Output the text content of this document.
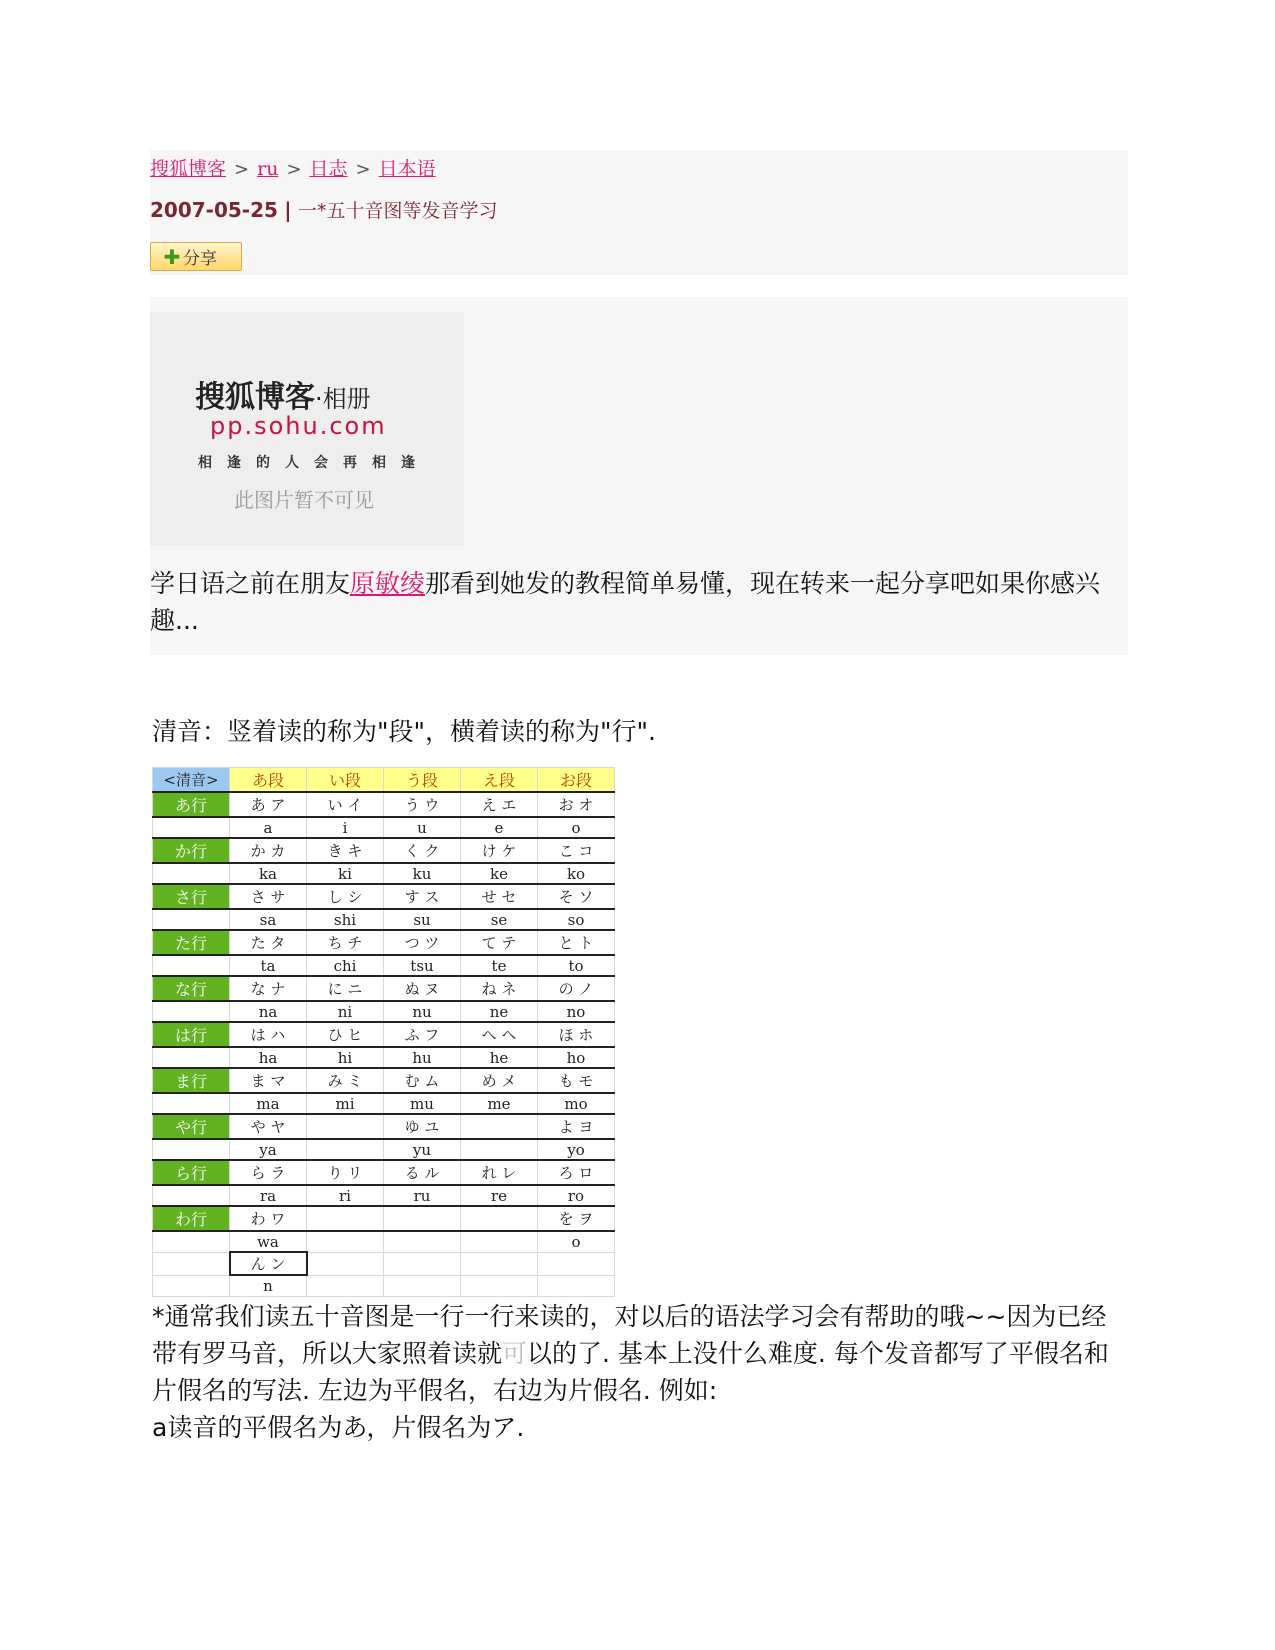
搜狐博客 > ru > 日志 > 日本语
2007-05-25 | 一*五十音图等发音学习
✚ 分享
搜狐博客·相册
pp.sohu.com
相逢的人会再相逢
此图片暂不可见
学日语之前在朋友原敏绫那看到她发的教程简单易懂，现在转来一起分享吧如果你感兴趣...
清音：竖着读的称为"段"，横着读的称为"行".
<清音>	あ段	い段	う段	え段	お段
あ行	あ ア	い イ	う ウ	え エ	お オ
	a	i	u	e	o
か行	か カ	き キ	く ク	け ケ	こ コ
	ka	ki	ku	ke	ko
さ行	さ サ	し シ	す ス	せ セ	そ ソ
	sa	shi	su	se	so
た行	た タ	ち チ	つ ツ	て テ	と ト
	ta	chi	tsu	te	to
な行	な ナ	に ニ	ぬ ヌ	ね ネ	の ノ
	na	ni	nu	ne	no
は行	は ハ	ひ ヒ	ふ フ	へ ヘ	ほ ホ
	ha	hi	hu	he	ho
ま行	ま マ	み ミ	む ム	め メ	も モ
	ma	mi	mu	me	mo
や行	や ヤ		ゆ ユ		よ ヨ
	ya		yu		yo
ら行	ら ラ	り リ	る ル	れ レ	ろ ロ
	ra	ri	ru	re	ro
わ行	わ ワ				を ヲ
	wa				o
	ん ン				
	n				
*通常我们读五十音图是一行一行来读的，对以后的语法学习会有帮助的哦~~因为已经带有罗马音，所以大家照着读就可以的了. 基本上没什么难度. 每个发音都写了平假名和片假名的写法. 左边为平假名，右边为片假名. 例如:
a读音的平假名为あ，片假名为ア.
